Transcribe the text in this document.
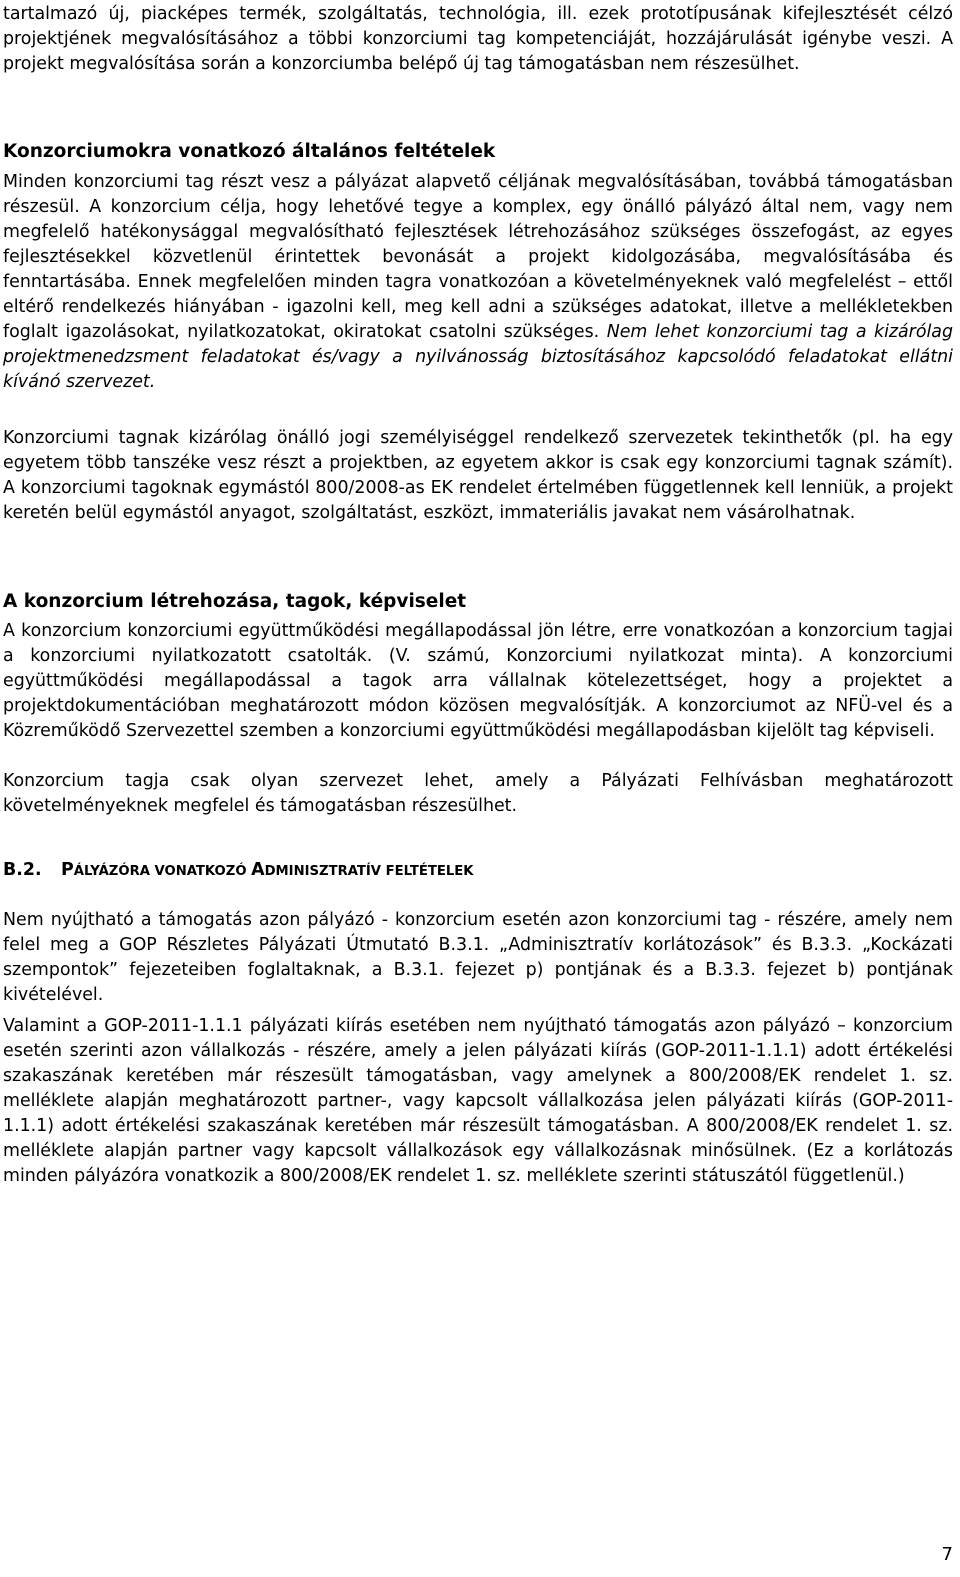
tartalmazó új, piacképes termék, szolgáltatás, technológia, ill. ezek prototípusának kifejlesztését célzó projektjének megvalósításához a többi konzorciumi tag kompetenciáját, hozzájárulását igénybe veszi. A projekt megvalósítása során a konzorciumba belépő új tag támogatásban nem részesülhet.

Konzorciumokra vonatkozó általános feltételek

Minden konzorciumi tag részt vesz a pályázat alapvető céljának megvalósításában, továbbá támogatásban részesül. A konzorcium célja, hogy lehetővé tegye a komplex, egy önálló pályázó által nem, vagy nem megfelelő hatékonysággal megvalósítható fejlesztések létrehozásához szükséges összefogást, az egyes fejlesztésekkel közvetlenül érintettek bevonását a projekt kidolgozásába, megvalósításába és fenntartásába. Ennek megfelelően minden tagra vonatkozóan a követelményeknek való megfelelést – ettől eltérő rendelkezés hiányában - igazolni kell, meg kell adni a szükséges adatokat, illetve a mellékletekben foglalt igazolásokat, nyilatkozatokat, okiratokat csatolni szükséges. Nem lehet konzorciumi tag a kizárólag projektmenedzsment feladatokat és/vagy a nyilvánosság biztosításához kapcsolódó feladatokat ellátni kívánó szervezet.

Konzorciumi tagnak kizárólag önálló jogi személyiséggel rendelkező szervezetek tekinthetők (pl. ha egy egyetem több tanszéke vesz részt a projektben, az egyetem akkor is csak egy konzorciumi tagnak számít). A konzorciumi tagoknak egymástól 800/2008-as EK rendelet értelmében függetlennek kell lenniük, a projekt keretén belül egymástól anyagot, szolgáltatást, eszközt, immateriális javakat nem vásárolhatnak.

A konzorcium létrehozása, tagok, képviselet

A konzorcium konzorciumi együttműködési megállapodással jön létre, erre vonatkozóan a konzorcium tagjai a konzorciumi nyilatkozatott csatolták. (V. számú, Konzorciumi nyilatkozat minta). A konzorciumi együttműködési megállapodással a tagok arra vállalnak kötelezettséget, hogy a projektet a projektdokumentációban meghatározott módon közösen megvalósítják. A konzorciumot az NFÜ-vel és a Közreműködő Szervezettel szemben a konzorciumi együttműködési megállapodásban kijelölt tag képviseli.

Konzorcium tagja csak olyan szervezet lehet, amely a Pályázati Felhívásban meghatározott követelményeknek megfelel és támogatásban részesülhet.

B.2. PÁLYÁZÓRA VONATKOZÓ ADMINISZTRATÍV FELTÉTELEK

Nem nyújtható a támogatás azon pályázó - konzorcium esetén azon konzorciumi tag - részére, amely nem felel meg a GOP Részletes Pályázati Útmutató B.3.1. „Adminisztratív korlátozások” és B.3.3. „Kockázati szempontok” fejezeteiben foglaltaknak, a B.3.1. fejezet p) pontjának és a B.3.3. fejezet b) pontjának kivételével.

Valamint a GOP-2011-1.1.1 pályázati kiírás esetében nem nyújtható támogatás azon pályázó – konzorcium esetén szerinti azon vállalkozás - részére, amely a jelen pályázati kiírás (GOP-2011-1.1.1) adott értékelési szakaszának keretében már részesült támogatásban, vagy amelynek a 800/2008/EK rendelet 1. sz. melléklete alapján meghatározott partner-, vagy kapcsolt vállalkozása jelen pályázati kiírás (GOP-2011-1.1.1) adott értékelési szakaszának keretében már részesült támogatásban. A 800/2008/EK rendelet 1. sz. melléklete alapján partner vagy kapcsolt vállalkozások egy vállalkozásnak minősülnek. (Ez a korlátozás minden pályázóra vonatkozik a 800/2008/EK rendelet 1. sz. melléklete szerinti státuszától függetlenül.)

7
